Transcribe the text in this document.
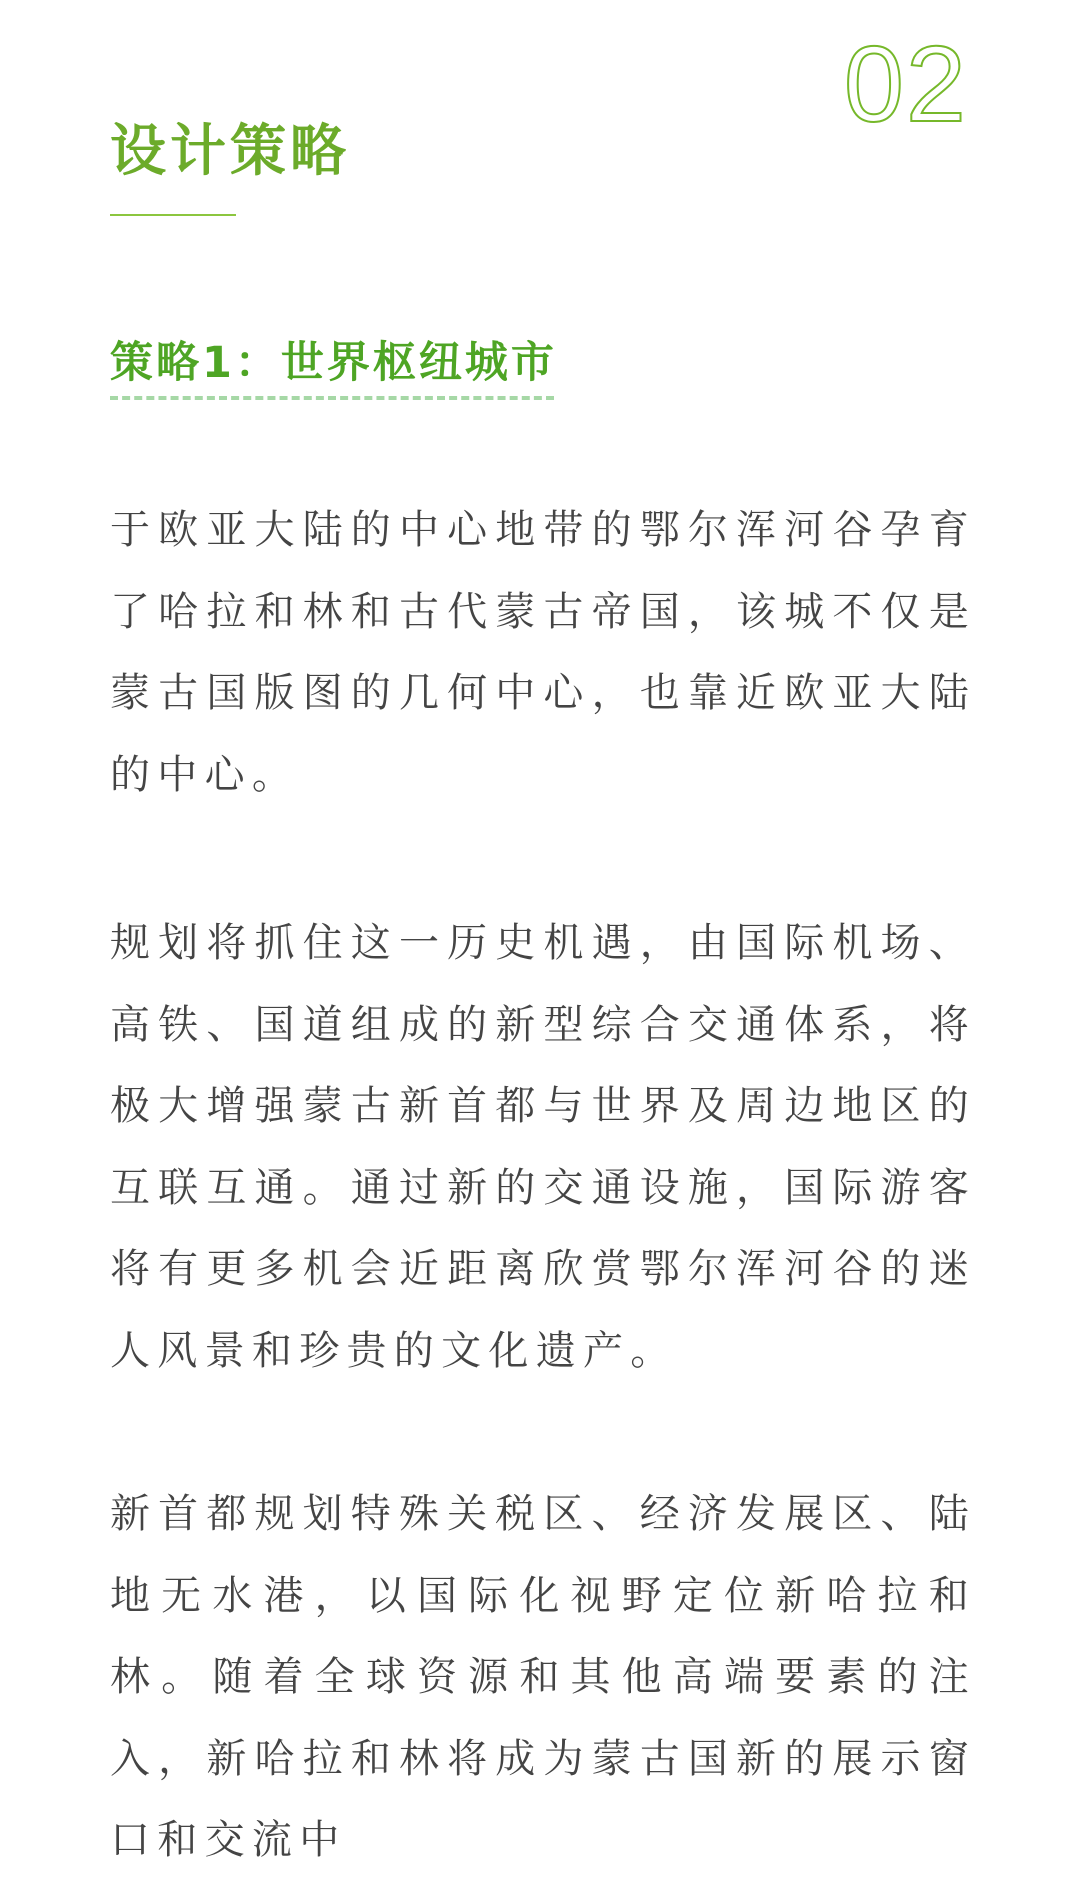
02
设计策略
策略1：世界枢纽城市

于欧亚大陆的中心地带的鄂尔浑河谷孕育了哈拉和林和古代蒙古帝国，该城不仅是蒙古国版图的几何中心，也靠近欧亚大陆的中心。

规划将抓住这一历史机遇，由国际机场、高铁、国道组成的新型综合交通体系，将极大增强蒙古新首都与世界及周边地区的互联互通。通过新的交通设施，国际游客将有更多机会近距离欣赏鄂尔浑河谷的迷人风景和珍贵的文化遗产。

新首都规划特殊关税区、经济发展区、陆地无水港，以国际化视野定位新哈拉和林。随着全球资源和其他高端要素的注入，新哈拉和林将成为蒙古国新的展示窗口和交流中
